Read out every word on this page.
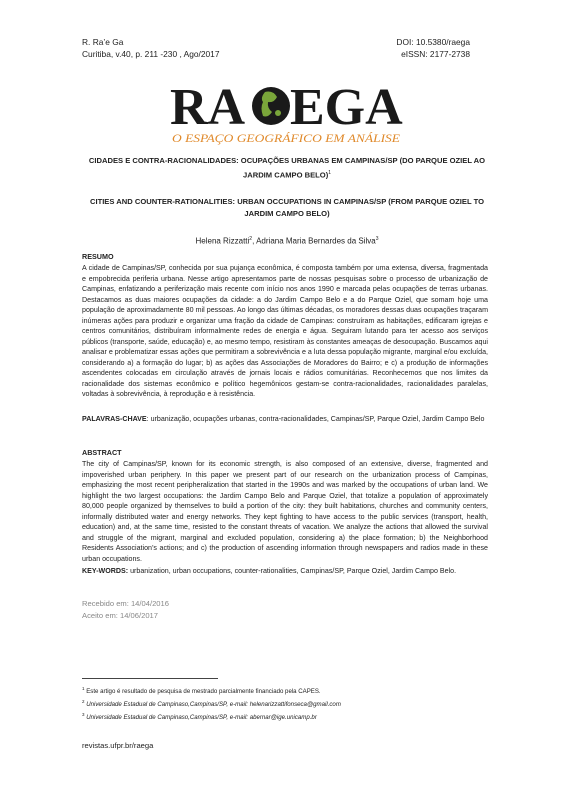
R. Ra’e Ga
Curitiba, v.40, p. 211 -230 , Ago/2017
DOI: 10.5380/raega
eISSN: 2177-2738
RA EGA
O ESPAÇO GEOGRÁFICO EM ANÁLISE
CIDADES E CONTRA-RACIONALIDADES: OCUPAÇÕES URBANAS EM CAMPINAS/SP (DO PARQUE OZIEL AO JARDIM CAMPO BELO)$^1$
CITIES AND COUNTER-RATIONALITIES: URBAN OCCUPATIONS IN CAMPINAS/SP (FROM PARQUE OZIEL TO JARDIM CAMPO BELO)
Helena Rizzatti$^2$, Adriana Maria Bernardes da Silva$^3$
RESUMO
A cidade de Campinas/SP, conhecida por sua pujança econômica, é composta também por uma extensa, diversa, fragmentada e empobrecida periferia urbana. Nesse artigo apresentamos parte de nossas pesquisas sobre o processo de urbanização de Campinas, enfatizando a periferização mais recente com início nos anos 1990 e marcada pelas ocupações de terras urbanas. Destacamos as duas maiores ocupações da cidade: a do Jardim Campo Belo e a do Parque Oziel, que somam hoje uma população de aproximadamente 80 mil pessoas. Ao longo das últimas décadas, os moradores dessas duas ocupações traçaram inúmeras ações para produzir e organizar uma fração da cidade de Campinas: construíram as habitações, edificaram igrejas e centros comunitários, distribuíram informalmente redes de energia e água. Seguiram lutando para ter acesso aos serviços públicos (transporte, saúde, educação) e, ao mesmo tempo, resistiram às constantes ameaças de desocupação. Buscamos aqui analisar e problematizar essas ações que permitiram a sobrevivência e a luta dessa população migrante, marginal e/ou excluída, considerando a) a formação do lugar; b) as ações das Associações de Moradores do Bairro; e c) a produção de informações ascendentes colocadas em circulação através de jornais locais e rádios comunitárias. Reconhecemos que nos limites da racionalidade dos sistemas econômico e político hegemônicos gestam-se contra-racionalidades, racionalidades paralelas, voltadas à sobrevivência, à reprodução e à resistência.
PALAVRAS-CHAVE: urbanização, ocupações urbanas, contra-racionalidades, Campinas/SP, Parque Oziel, Jardim Campo Belo
ABSTRACT
The city of Campinas/SP, known for its economic strength, is also composed of an extensive, diverse, fragmented and impoverished urban periphery. In this paper we present part of our research on the urbanization process of Campinas, emphasizing the most recent peripheralization that started in the 1990s and was marked by the occupations of urban land. We highlight the two largest occupations: the Jardim Campo Belo and Parque Oziel, that totalize a population of approximately 80,000 people organized by themselves to build a portion of the city: they built habitations, churches and community centers, informally distributed water and energy networks. They kept fighting to have access to the public services (transport, health, education) and, at the same time, resisted to the constant threats of vacation. We analyze the actions that allowed the survival and struggle of the migrant, marginal and excluded population, considering a) the place formation; b) the Neighborhood Residents Association’s actions; and c) the production of ascending information through newspapers and radios made in these urban occupations.
KEY-WORDS: urbanization, urban occupations, counter-rationalities, Campinas/SP, Parque Oziel, Jardim Campo Belo.
Recebido em: 14/04/2016
Aceito em: 14/06/2017
$^1$ Este artigo é resultado de pesquisa de mestrado parcialmente financiado pela CAPES.
$^2$ Universidade Estadual de Campinaso,Campinas/SP, e-mail: helenarizzattifonseca@gmail.com
$^3$ Universidade Estadual de Campinaso,Campinas/SP, e-mail: abernar@ige.unicamp.br
revistas.ufpr.br/raega
